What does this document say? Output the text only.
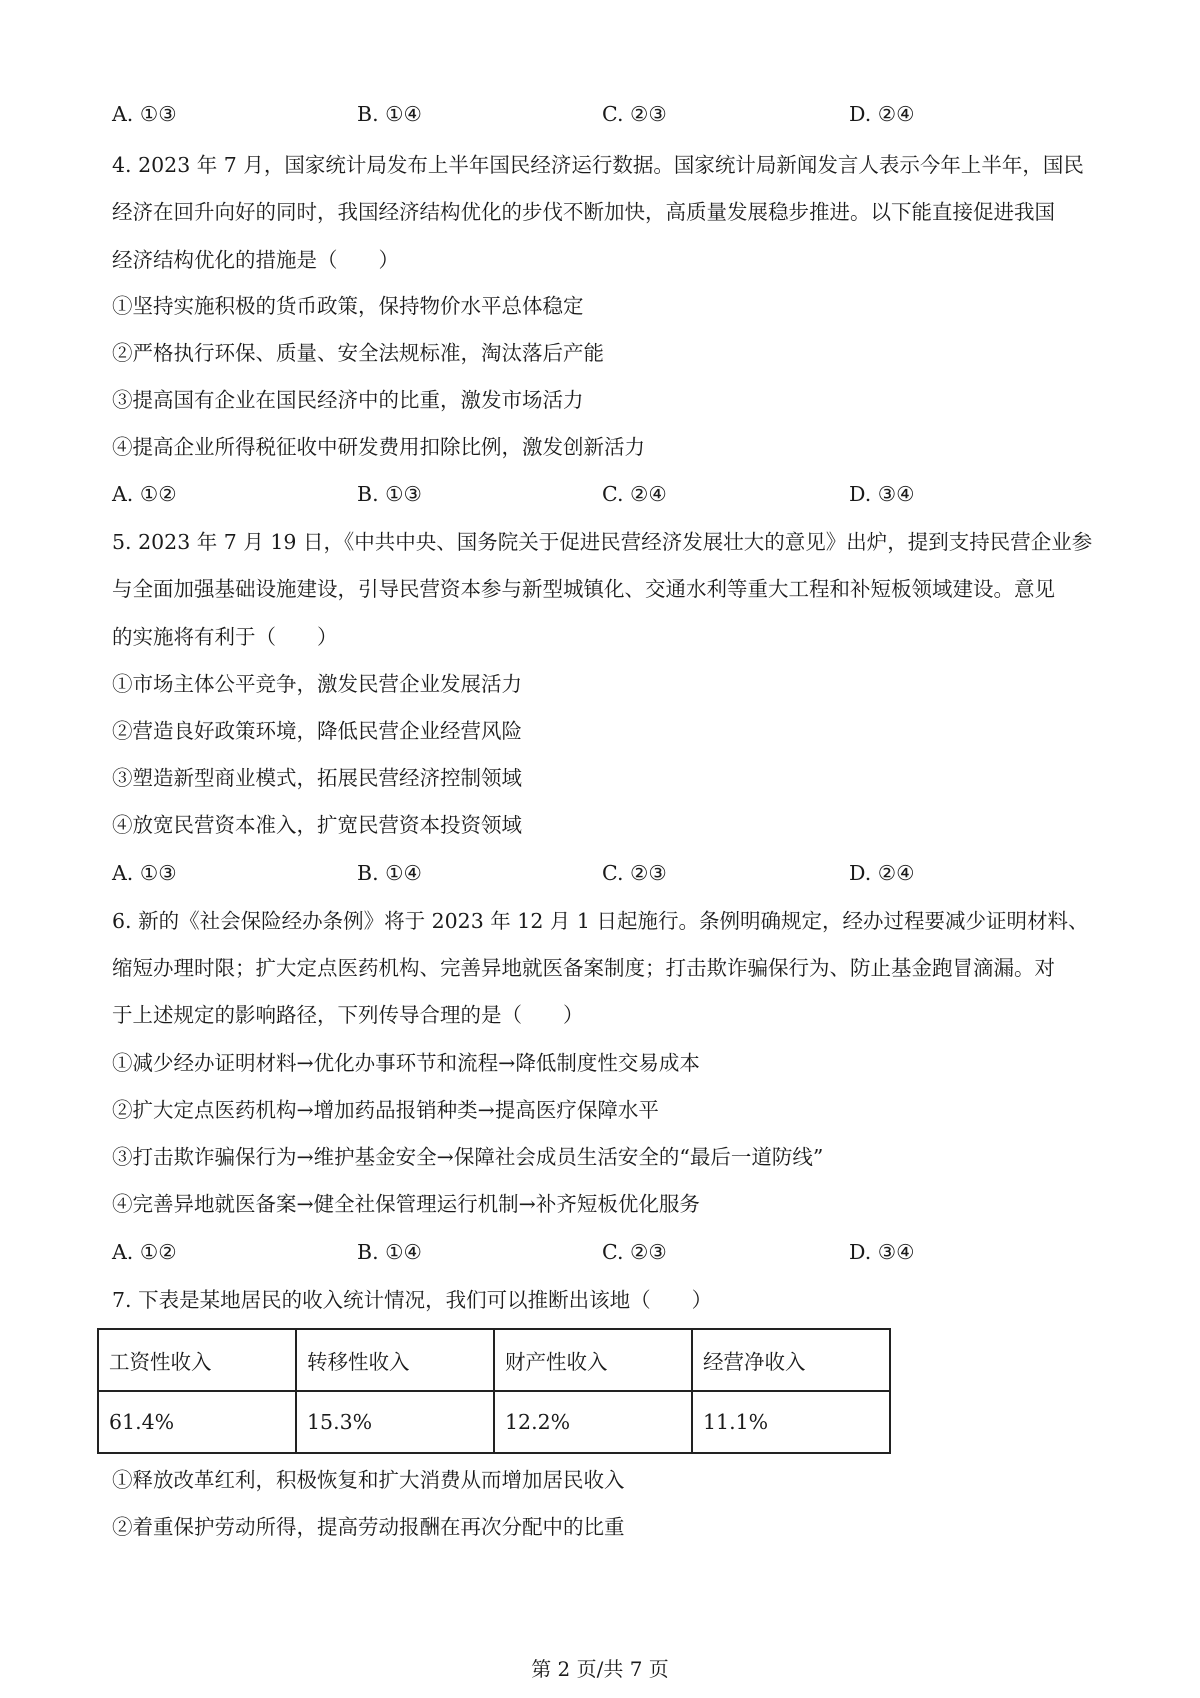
A. ①③	B. ①④	C. ②③	D. ②④
4. 2023 年 7 月，国家统计局发布上半年国民经济运行数据。国家统计局新闻发言人表示今年上半年，国民
经济在回升向好的同时，我国经济结构优化的步伐不断加快，高质量发展稳步推进。以下能直接促进我国
经济结构优化的措施是（　　）
①坚持实施积极的货币政策，保持物价水平总体稳定
②严格执行环保、质量、安全法规标准，淘汰落后产能
③提高国有企业在国民经济中的比重，激发市场活力
④提高企业所得税征收中研发费用扣除比例，激发创新活力
A. ①②	B. ①③	C. ②④	D. ③④
5. 2023 年 7 月 19 日，《中共中央、国务院关于促进民营经济发展壮大的意见》出炉，提到支持民营企业参
与全面加强基础设施建设，引导民营资本参与新型城镇化、交通水利等重大工程和补短板领域建设。意见
的实施将有利于（　　）
①市场主体公平竞争，激发民营企业发展活力
②营造良好政策环境，降低民营企业经营风险
③塑造新型商业模式，拓展民营经济控制领域
④放宽民营资本准入，扩宽民营资本投资领域
A. ①③	B. ①④	C. ②③	D. ②④
6. 新的《社会保险经办条例》将于 2023 年 12 月 1 日起施行。条例明确规定，经办过程要减少证明材料、
缩短办理时限；扩大定点医药机构、完善异地就医备案制度；打击欺诈骗保行为、防止基金跑冒滴漏。对
于上述规定的影响路径，下列传导合理的是（　　）
①减少经办证明材料→优化办事环节和流程→降低制度性交易成本
②扩大定点医药机构→增加药品报销种类→提高医疗保障水平
③打击欺诈骗保行为→维护基金安全→保障社会成员生活安全的“最后一道防线”
④完善异地就医备案→健全社保管理运行机制→补齐短板优化服务
A. ①②	B. ①④	C. ②③	D. ③④
7. 下表是某地居民的收入统计情况，我们可以推断出该地（　　）
工资性收入	转移性收入	财产性收入	经营净收入
61.4%	15.3%	12.2%	11.1%
①释放改革红利，积极恢复和扩大消费从而增加居民收入
②着重保护劳动所得，提高劳动报酬在再次分配中的比重
第 2 页/共 7 页
